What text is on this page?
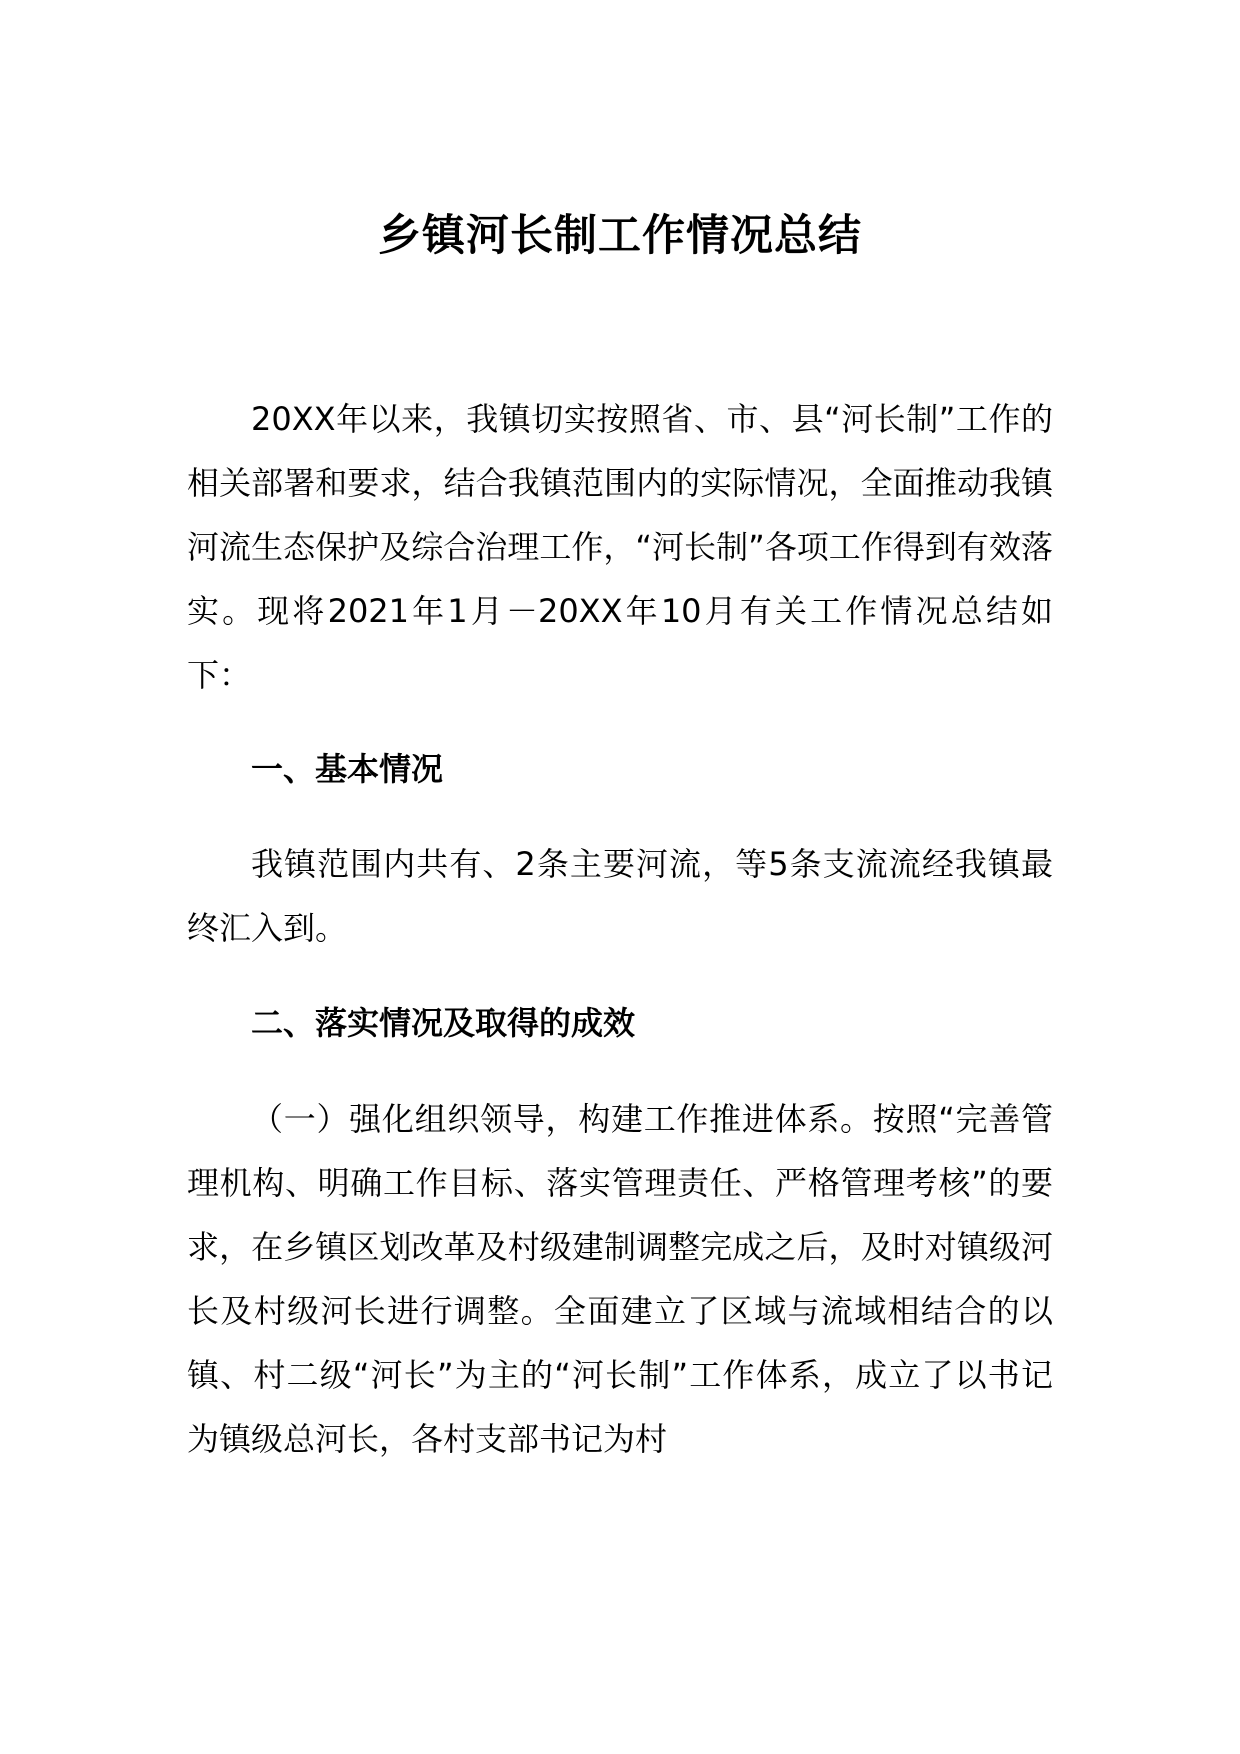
乡镇河长制工作情况总结

20XX年以来，我镇切实按照省、市、县“河长制”工作的相关部署和要求，结合我镇范围内的实际情况，全面推动我镇河流生态保护及综合治理工作，“河长制”各项工作得到有效落实。现将2021年1月－20XX年10月有关工作情况总结如下：

一、基本情况

我镇范围内共有、2条主要河流，等5条支流流经我镇最终汇入到。

二、落实情况及取得的成效

（一）强化组织领导，构建工作推进体系。按照“完善管理机构、明确工作目标、落实管理责任、严格管理考核”的要求，在乡镇区划改革及村级建制调整完成之后，及时对镇级河长及村级河长进行调整。全面建立了区域与流域相结合的以镇、村二级“河长”为主的“河长制”工作体系，成立了以书记为镇级总河长，各村支部书记为村
